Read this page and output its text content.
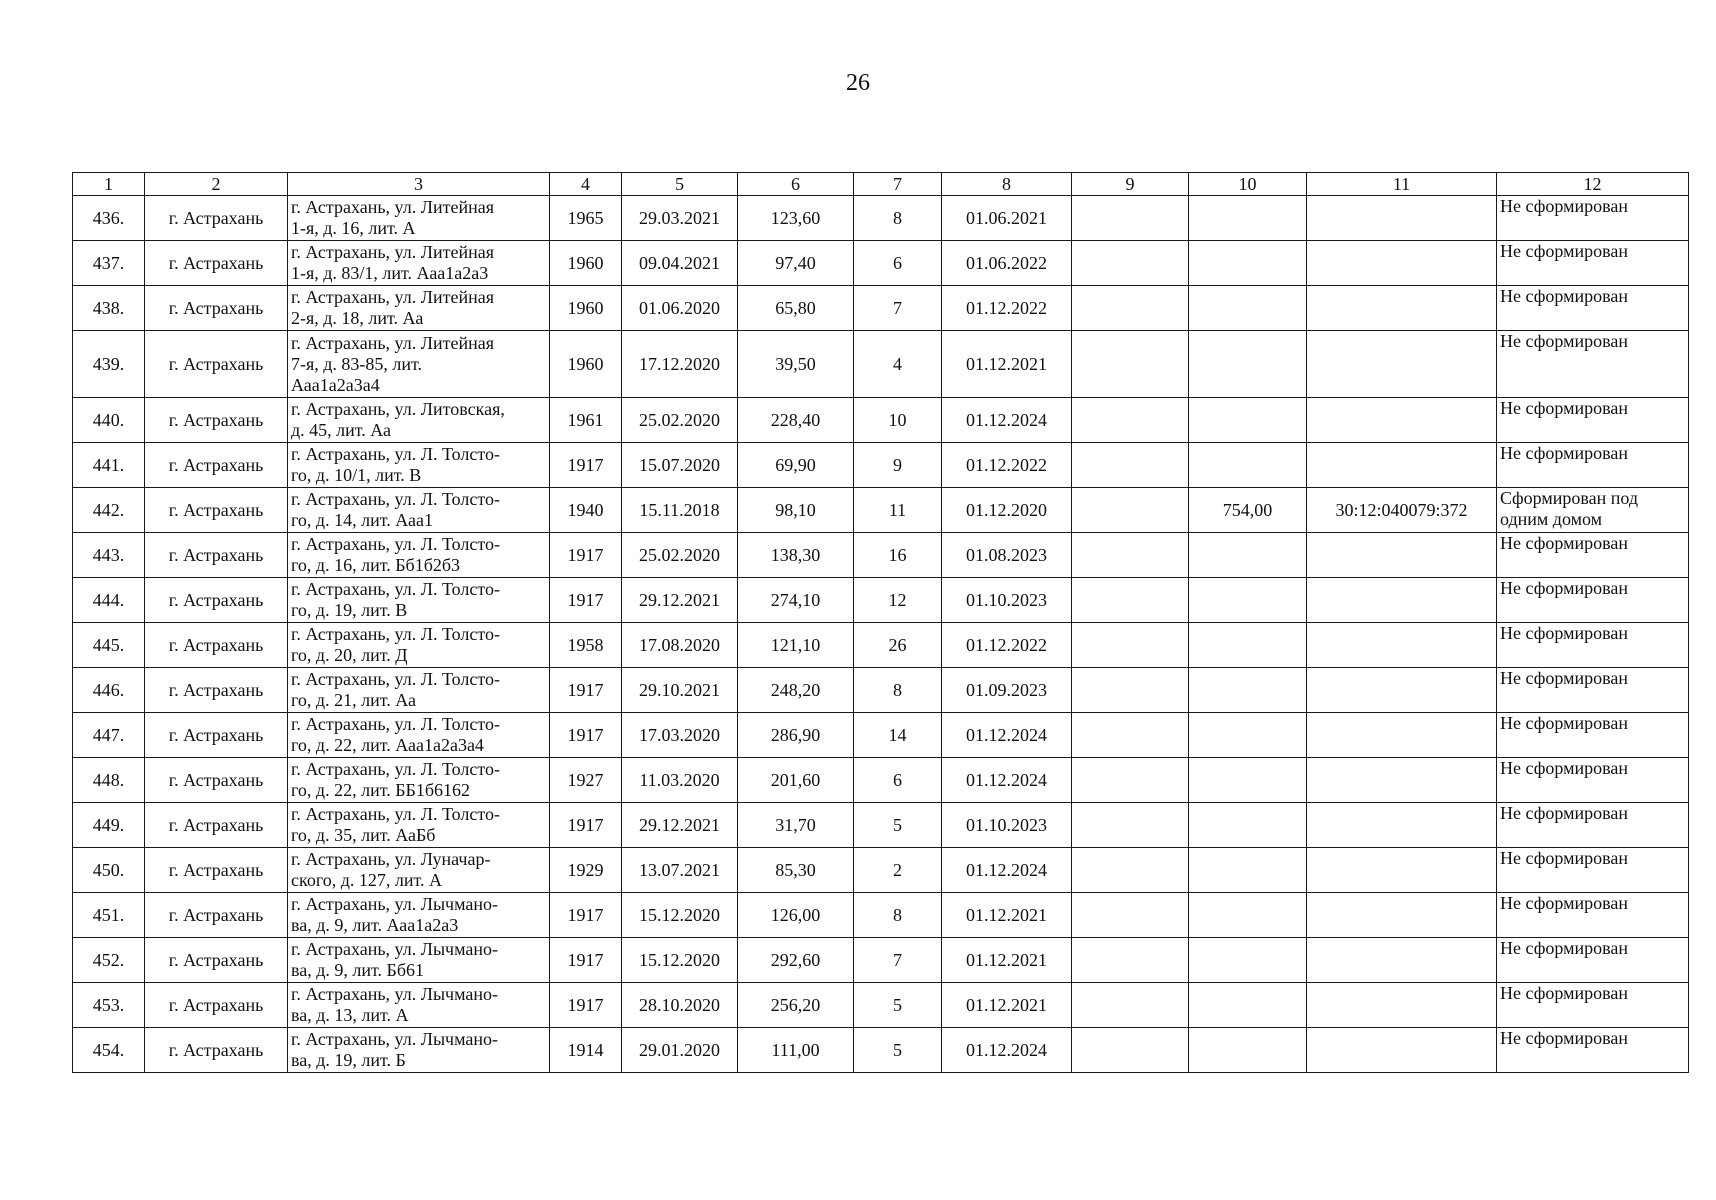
26
1	2	3	4	5	6	7	8	9	10	11	12
436.	г. Астрахань	г. Астрахань, ул. Литейная
1-я, д. 16, лит. А	1965	29.03.2021	123,60	8	01.06.2021				Не сформирован
437.	г. Астрахань	г. Астрахань, ул. Литейная
1-я, д. 83/1, лит. Ааа1а2а3	1960	09.04.2021	97,40	6	01.06.2022				Не сформирован
438.	г. Астрахань	г. Астрахань, ул. Литейная
2-я, д. 18, лит. Аа	1960	01.06.2020	65,80	7	01.12.2022				Не сформирован
439.	г. Астрахань	г. Астрахань, ул. Литейная
7-я, д. 83-85, лит.
Ааа1а2а3а4	1960	17.12.2020	39,50	4	01.12.2021				Не сформирован
440.	г. Астрахань	г. Астрахань, ул. Литовская,
д. 45, лит. Аа	1961	25.02.2020	228,40	10	01.12.2024				Не сформирован
441.	г. Астрахань	г. Астрахань, ул. Л. Толсто-
го, д. 10/1, лит. В	1917	15.07.2020	69,90	9	01.12.2022				Не сформирован
442.	г. Астрахань	г. Астрахань, ул. Л. Толсто-
го, д. 14, лит. Ааа1	1940	15.11.2018	98,10	11	01.12.2020		754,00	30:12:040079:372	Сформирован под одним домом
443.	г. Астрахань	г. Астрахань, ул. Л. Толсто-
го, д. 16, лит. Бб1б2б3	1917	25.02.2020	138,30	16	01.08.2023				Не сформирован
444.	г. Астрахань	г. Астрахань, ул. Л. Толсто-
го, д. 19, лит. В	1917	29.12.2021	274,10	12	01.10.2023				Не сформирован
445.	г. Астрахань	г. Астрахань, ул. Л. Толсто-
го, д. 20, лит. Д	1958	17.08.2020	121,10	26	01.12.2022				Не сформирован
446.	г. Астрахань	г. Астрахань, ул. Л. Толсто-
го, д. 21, лит. Аа	1917	29.10.2021	248,20	8	01.09.2023				Не сформирован
447.	г. Астрахань	г. Астрахань, ул. Л. Толсто-
го, д. 22, лит. Ааа1а2а3а4	1917	17.03.2020	286,90	14	01.12.2024				Не сформирован
448.	г. Астрахань	г. Астрахань, ул. Л. Толсто-
го, д. 22, лит. ББ1б6162	1927	11.03.2020	201,60	6	01.12.2024				Не сформирован
449.	г. Астрахань	г. Астрахань, ул. Л. Толсто-
го, д. 35, лит. АаБб	1917	29.12.2021	31,70	5	01.10.2023				Не сформирован
450.	г. Астрахань	г. Астрахань, ул. Луначар-
ского, д. 127, лит. А	1929	13.07.2021	85,30	2	01.12.2024				Не сформирован
451.	г. Астрахань	г. Астрахань, ул. Лычмано-
ва, д. 9, лит. Ааа1а2а3	1917	15.12.2020	126,00	8	01.12.2021				Не сформирован
452.	г. Астрахань	г. Астрахань, ул. Лычмано-
ва, д. 9, лит. Бб61	1917	15.12.2020	292,60	7	01.12.2021				Не сформирован
453.	г. Астрахань	г. Астрахань, ул. Лычмано-
ва, д. 13, лит. А	1917	28.10.2020	256,20	5	01.12.2021				Не сформирован
454.	г. Астрахань	г. Астрахань, ул. Лычмано-
ва, д. 19, лит. Б	1914	29.01.2020	111,00	5	01.12.2024				Не сформирован
